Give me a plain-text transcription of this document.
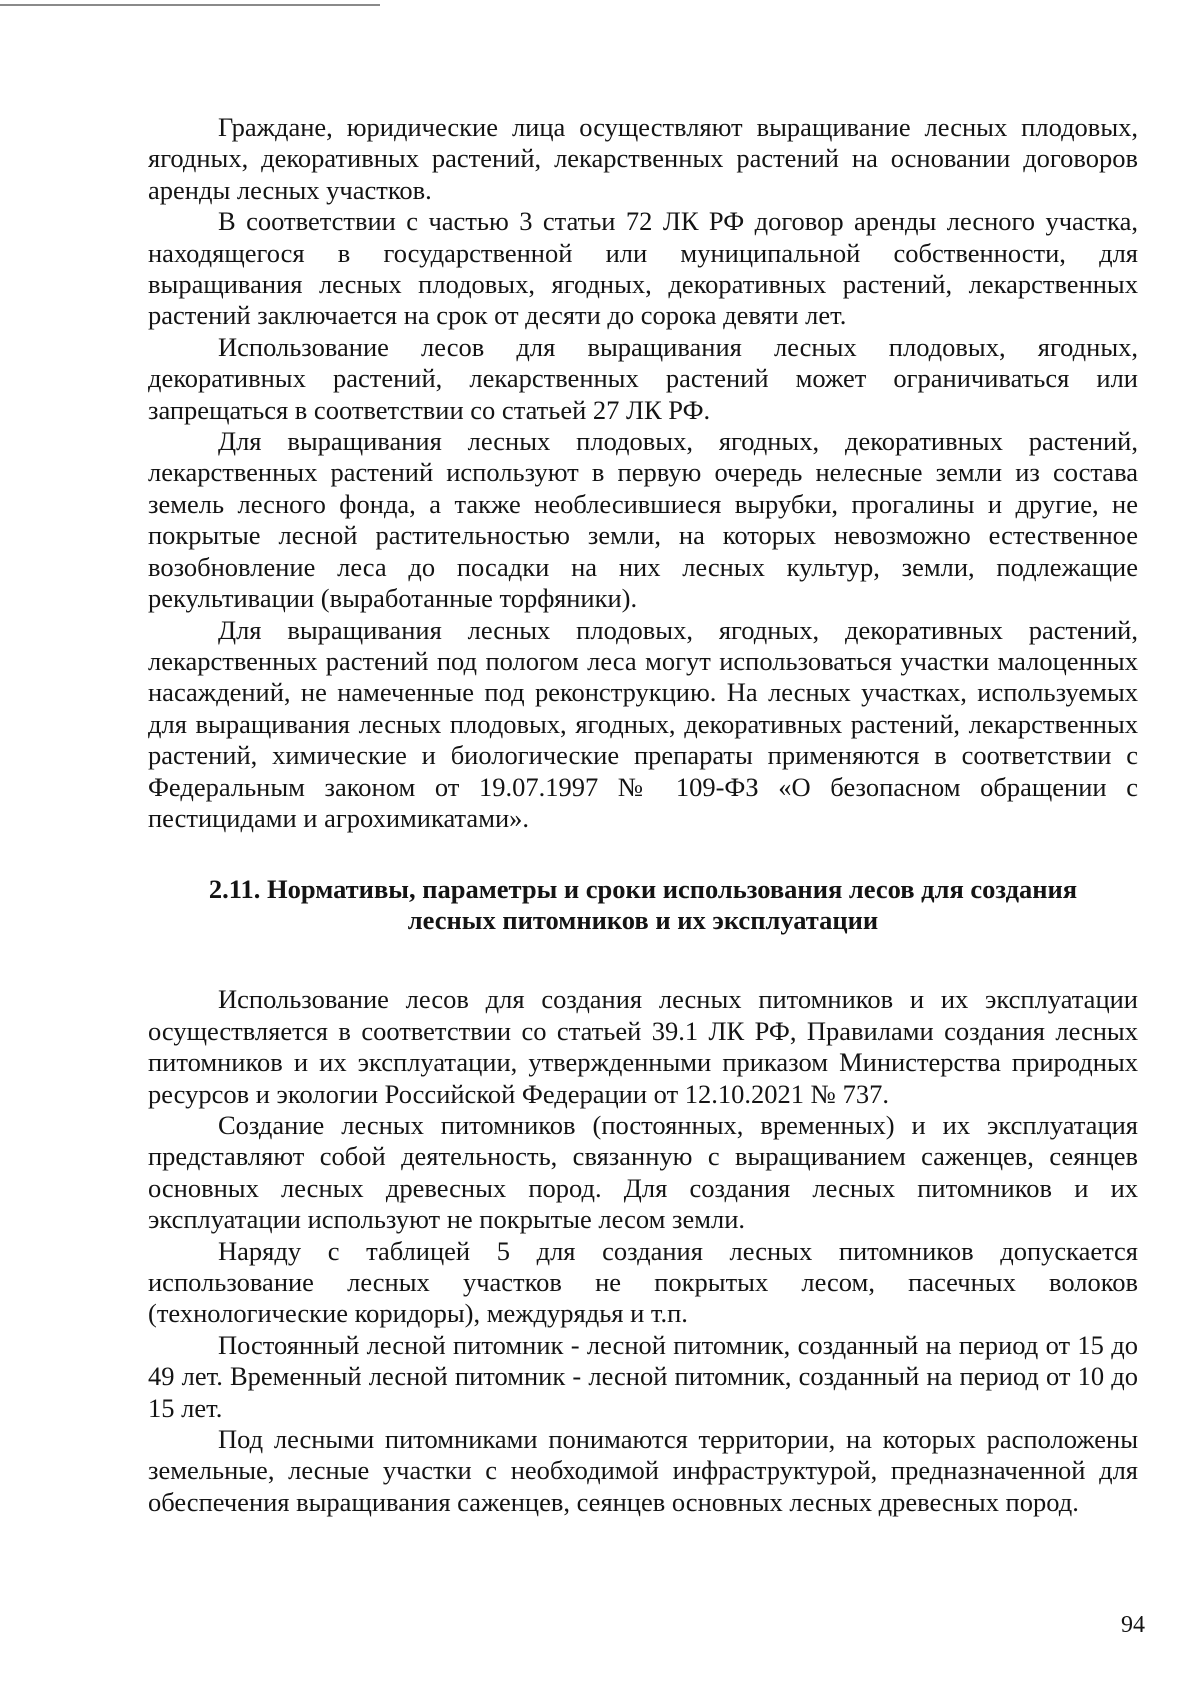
Граждане, юридические лица осуществляют выращивание лесных плодовых, ягодных, декоративных растений, лекарственных растений на основании договоров аренды лесных участков.

В соответствии с частью 3 статьи 72 ЛК РФ договор аренды лесного участка, находящегося в государственной или муниципальной собственности, для выращивания лесных плодовых, ягодных, декоративных растений, лекарственных растений заключается на срок от десяти до сорока девяти лет.

Использование лесов для выращивания лесных плодовых, ягодных, декоративных растений, лекарственных растений может ограничиваться или запрещаться в соответствии со статьей 27 ЛК РФ.

Для выращивания лесных плодовых, ягодных, декоративных растений, лекарственных растений используют в первую очередь нелесные земли из состава земель лесного фонда, а также необлесившиеся вырубки, прогалины и другие, не покрытые лесной растительностью земли, на которых невозможно естественное возобновление леса до посадки на них лесных культур, земли, подлежащие рекультивации (выработанные торфяники).

Для выращивания лесных плодовых, ягодных, декоративных растений, лекарственных растений под пологом леса могут использоваться участки малоценных насаждений, не намеченные под реконструкцию. На лесных участках, используемых для выращивания лесных плодовых, ягодных, декоративных растений, лекарственных растений, химические и биологические препараты применяются в соответствии с Федеральным законом от 19.07.1997 № 109-ФЗ «О безопасном обращении с пестицидами и агрохимикатами».

2.11. Нормативы, параметры и сроки использования лесов для создания
лесных питомников и их эксплуатации

Использование лесов для создания лесных питомников и их эксплуатации осуществляется в соответствии со статьей 39.1 ЛК РФ, Правилами создания лесных питомников и их эксплуатации, утвержденными приказом Министерства природных ресурсов и экологии Российской Федерации от 12.10.2021 № 737.

Создание лесных питомников (постоянных, временных) и их эксплуатация представляют собой деятельность, связанную с выращиванием саженцев, сеянцев основных лесных древесных пород. Для создания лесных питомников и их эксплуатации используют не покрытые лесом земли.

Наряду с таблицей 5 для создания лесных питомников допускается использование лесных участков не покрытых лесом, пасечных волоков (технологические коридоры), междурядья и т.п.

Постоянный лесной питомник - лесной питомник, созданный на период от 15 до 49 лет. Временный лесной питомник - лесной питомник, созданный на период от 10 до 15 лет.

Под лесными питомниками понимаются территории, на которых расположены земельные, лесные участки с необходимой инфраструктурой, предназначенной для обеспечения выращивания саженцев, сеянцев основных лесных древесных пород.

94
